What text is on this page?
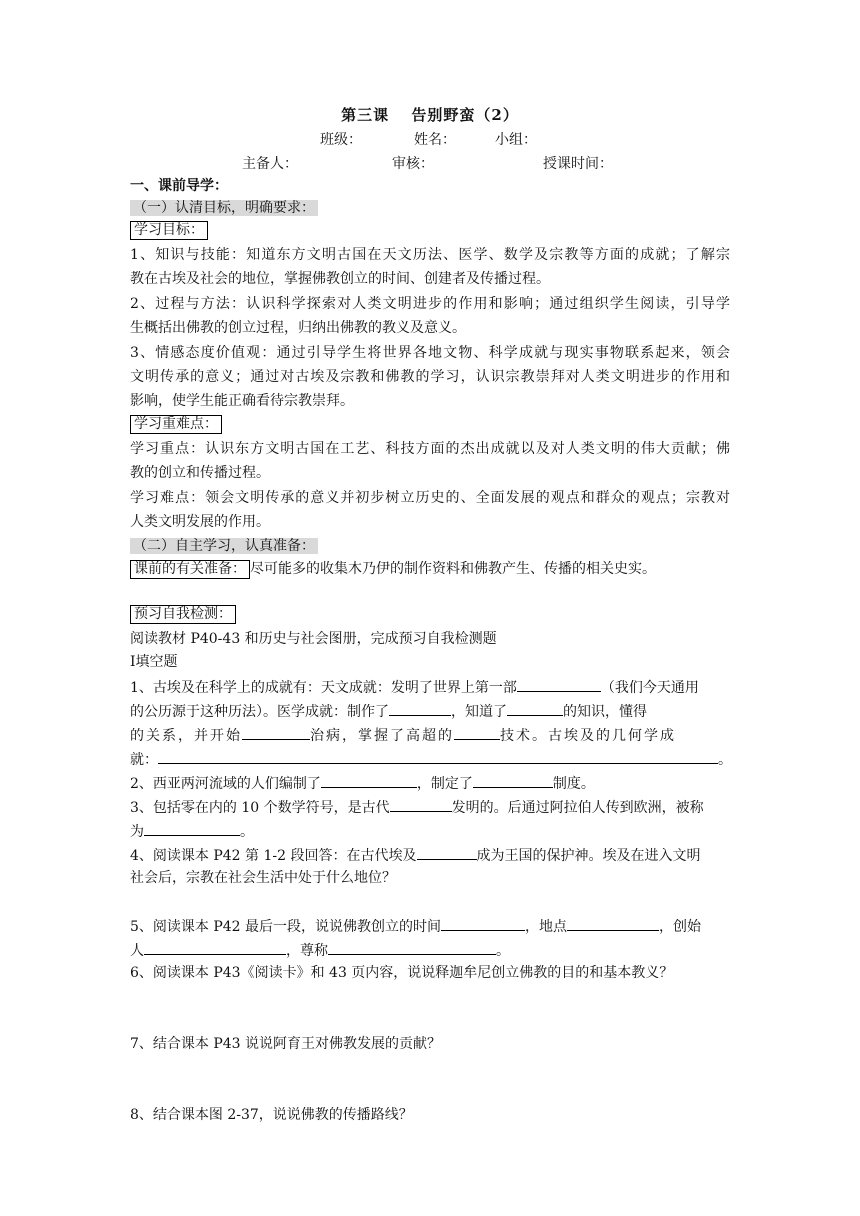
第三课　 告别野蛮（2）
班级：	姓名：	小组：
主备人：	审核：	授课时间：
一、课前导学：
（一）认清目标，明确要求：
学习目标：
1、知识与技能：知道东方文明古国在天文历法、医学、数学及宗教等方面的成就；了解宗
教在古埃及社会的地位，掌握佛教创立的时间、创建者及传播过程。
2、过程与方法：认识科学探索对人类文明进步的作用和影响；通过组织学生阅读，引导学
生概括出佛教的创立过程，归纳出佛教的教义及意义。
3、情感态度价值观：通过引导学生将世界各地文物、科学成就与现实事物联系起来，领会
文明传承的意义；通过对古埃及宗教和佛教的学习，认识宗教崇拜对人类文明进步的作用和
影响，使学生能正确看待宗教崇拜。
学习重难点：
学习重点：认识东方文明古国在工艺、科技方面的杰出成就以及对人类文明的伟大贡献；佛
教的创立和传播过程。
学习难点：领会文明传承的意义并初步树立历史的、全面发展的观点和群众的观点；宗教对
人类文明发展的作用。
（二）自主学习，认真准备：
课前的有关准备： 尽可能多的收集木乃伊的制作资料和佛教产生、传播的相关史实。
预习自我检测：
阅读教材 P40-43 和历史与社会图册，完成预习自我检测题
Ⅰ填空题
1、古埃及在科学上的成就有：天文成就：发明了世界上第一部	（我们今天通用
的公历源于这种历法）。医学成就：制作了	，知道了	的知识，懂得
的关系，并开始	治病，掌握了高超的	技术。古埃及的几何学成
就：	。
2、西亚两河流域的人们编制了	，制定了	制度。
3、包括零在内的 10 个数学符号，是古代	发明的。后通过阿拉伯人传到欧洲，被称
为	。
4、阅读课本 P42 第 1-2 段回答：在古代埃及	成为王国的保护神。埃及在进入文明
社会后，宗教在社会生活中处于什么地位？
5、阅读课本 P42 最后一段，说说佛教创立的时间	，地点	，创始
人	，尊称	。
6、阅读课本 P43《阅读卡》和 43 页内容，说说释迦牟尼创立佛教的目的和基本教义？
7、结合课本 P43 说说阿育王对佛教发展的贡献？
8、结合课本图 2-37，说说佛教的传播路线？
